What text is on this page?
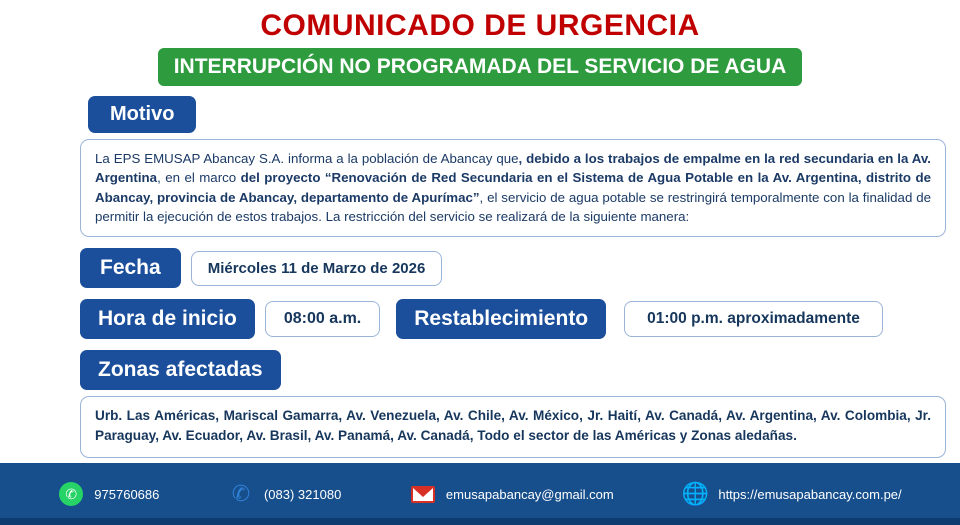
COMUNICADO DE URGENCIA
INTERRUPCIÓN NO PROGRAMADA DEL SERVICIO DE AGUA
Motivo
La EPS EMUSAP Abancay S.A. informa a la población de Abancay que, debido a los trabajos de empalme en la red secundaria en la Av. Argentina, en el marco del proyecto “Renovación de Red Secundaria en el Sistema de Agua Potable en la Av. Argentina, distrito de Abancay, provincia de Abancay, departamento de Apurímac”, el servicio de agua potable se restringirá temporalmente con la finalidad de permitir la ejecución de estos trabajos. La restricción del servicio se realizará de la siguiente manera:
Fecha	Miércoles 11 de Marzo de 2026
Hora de inicio	08:00 a.m.	Restablecimiento	01:00 p.m. aproximadamente
Zonas afectadas
Urb. Las Américas, Mariscal Gamarra, Av. Venezuela, Av. Chile, Av. México, Jr. Haití, Av. Canadá, Av. Argentina, Av. Colombia, Jr. Paraguay, Av. Ecuador, Av. Brasil, Av. Panamá, Av. Canadá, Todo el sector de las Américas y Zonas aledañas.
✆	975760686	✆ (083) 321080	emusapabancay@gmail.com	🌐 https://emusapabancay.com.pe/
